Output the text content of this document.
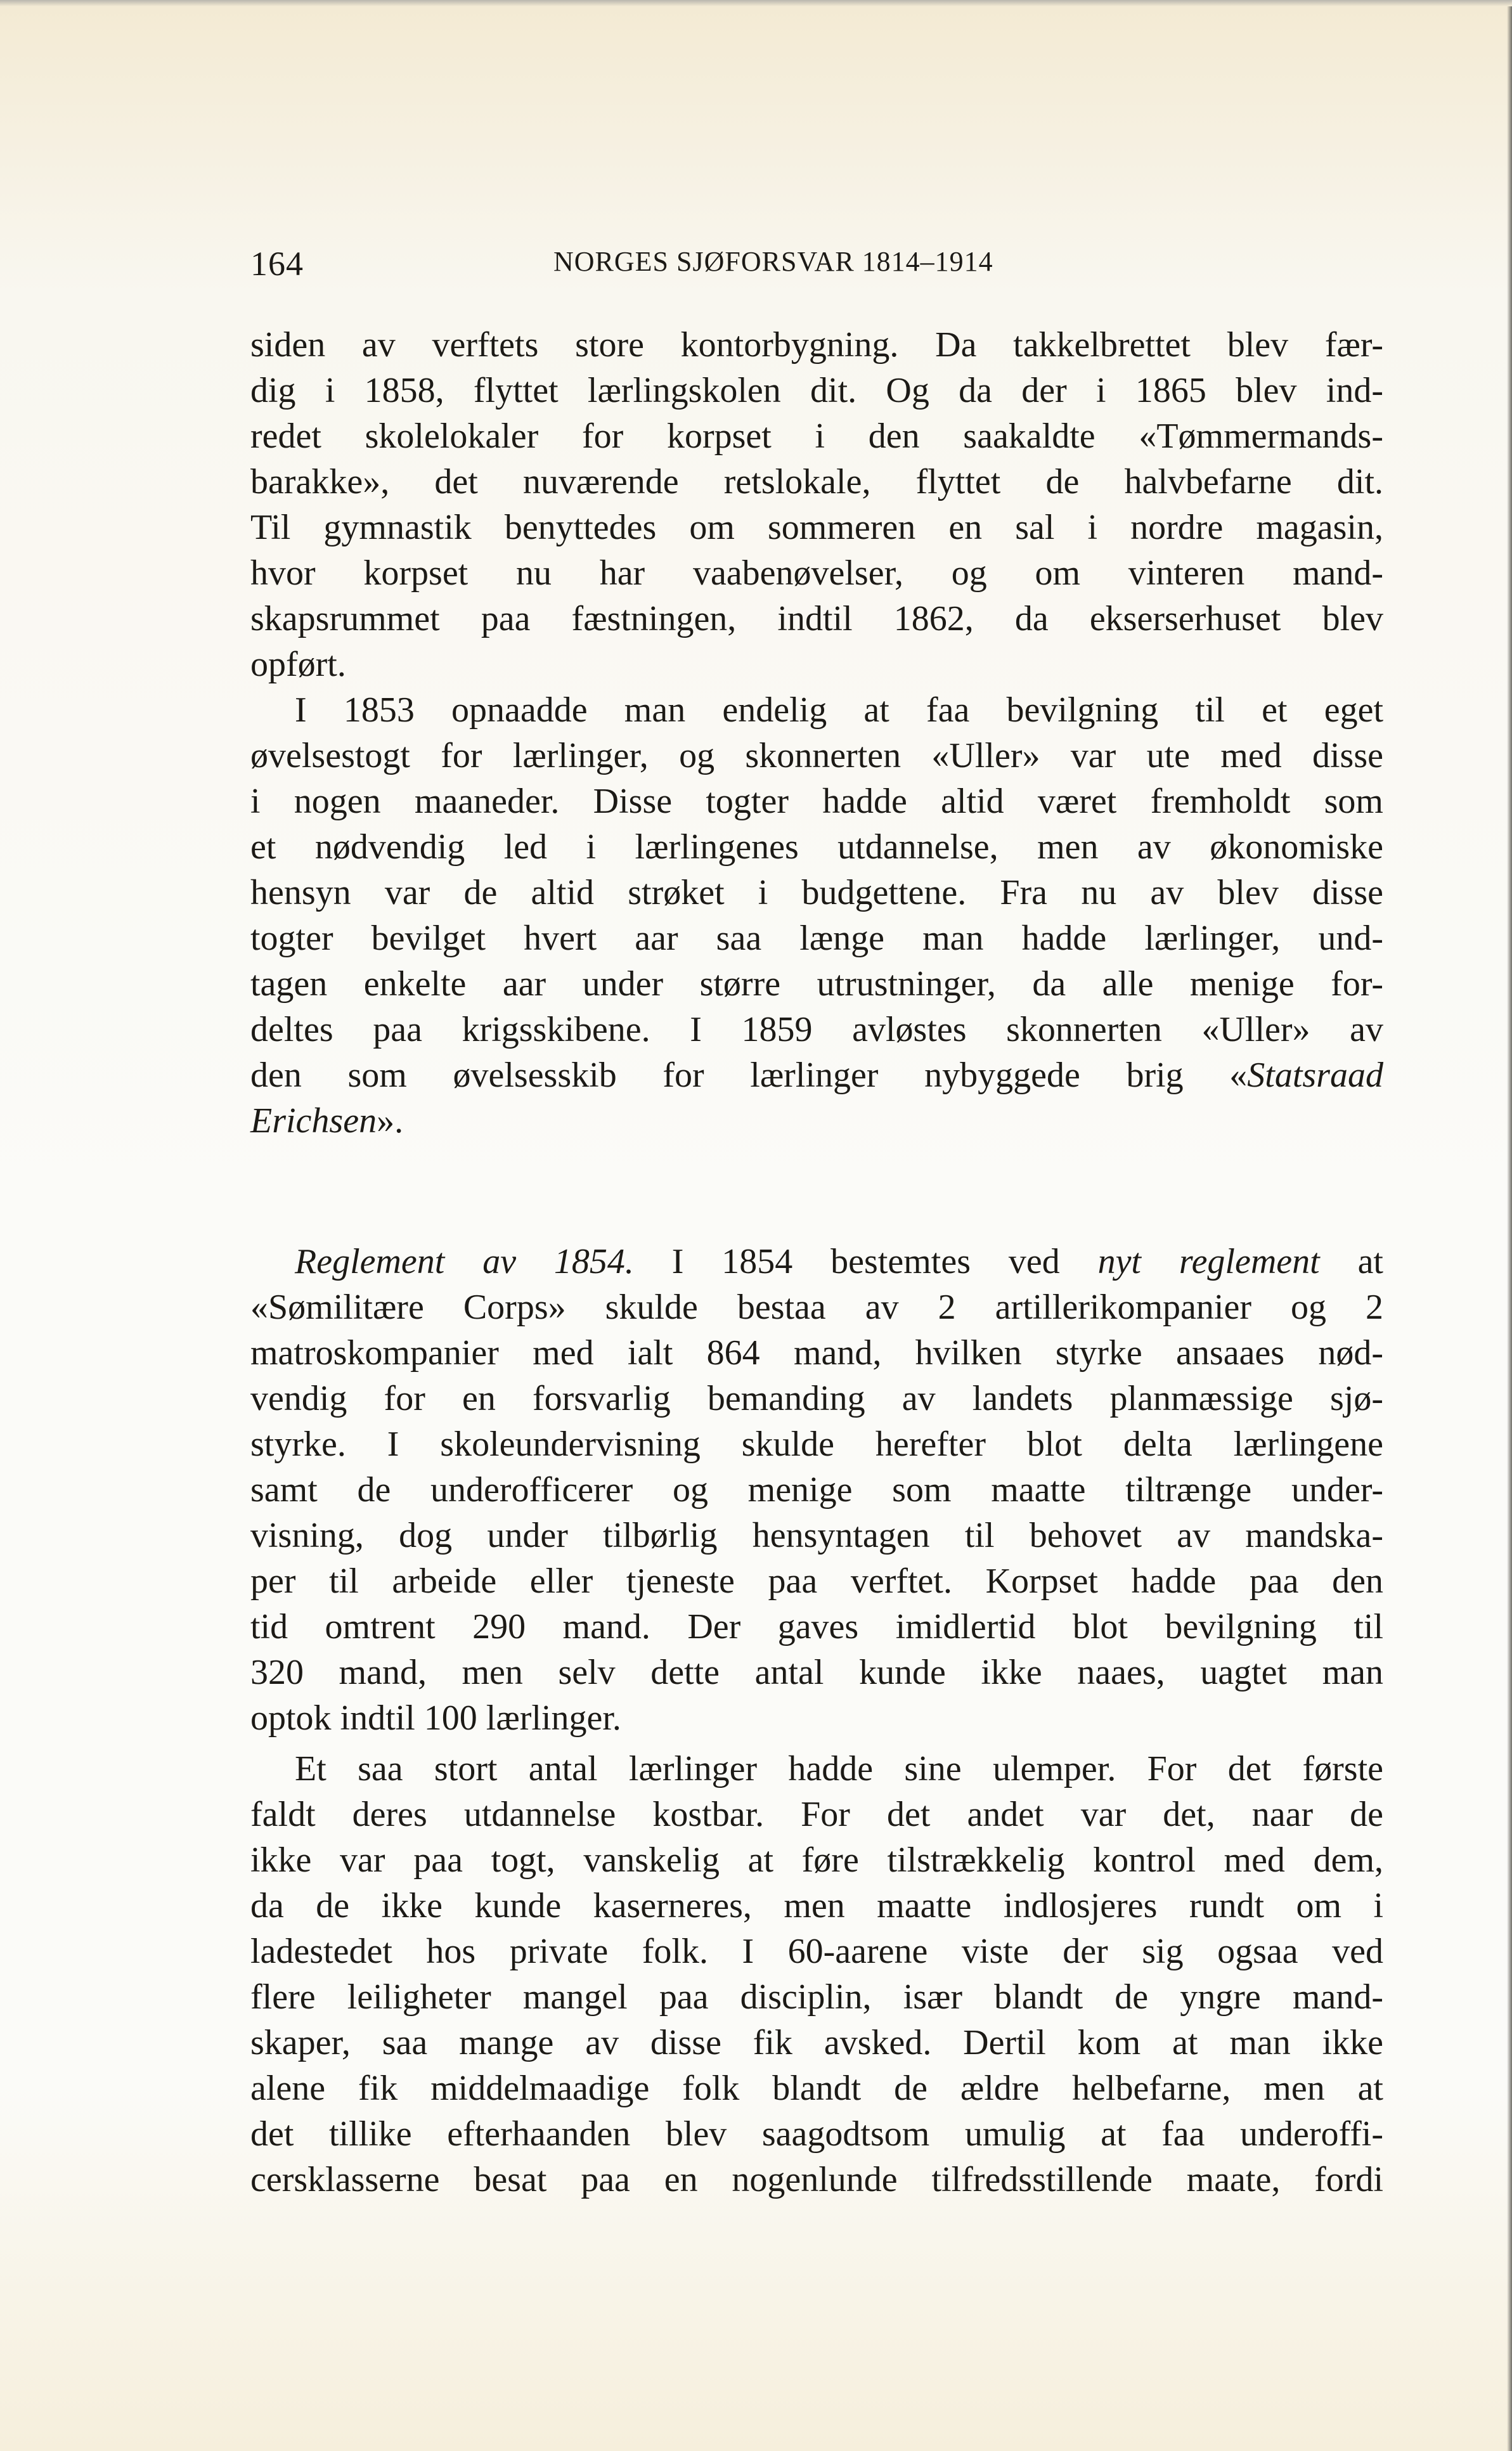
164	NORGES SJØFORSVAR 1814–1914
siden av verftets store kontorbygning. Da takkelbrettet blev fær-
dig i 1858, flyttet lærlingskolen dit. Og da der i 1865 blev ind-
redet skolelokaler for korpset i den saakaldte «Tømmermands-
barakke», det nuværende retslokale, flyttet de halvbefarne dit.
Til gymnastik benyttedes om sommeren en sal i nordre magasin,
hvor korpset nu har vaabenøvelser, og om vinteren mand-
skapsrummet paa fæstningen, indtil 1862, da ekserserhuset blev
opført.
I 1853 opnaadde man endelig at faa bevilgning til et eget
øvelsestogt for lærlinger, og skonnerten «Uller» var ute med disse
i nogen maaneder. Disse togter hadde altid været fremholdt som
et nødvendig led i lærlingenes utdannelse, men av økonomiske
hensyn var de altid strøket i budgettene. Fra nu av blev disse
togter bevilget hvert aar saa længe man hadde lærlinger, und-
tagen enkelte aar under større utrustninger, da alle menige for-
deltes paa krigsskibene. I 1859 avløstes skonnerten «Uller» av
den som øvelsesskib for lærlinger nybyggede brig «Statsraad
Erichsen».
Reglement av 1854. I 1854 bestemtes ved nyt reglement at
«Sømilitære Corps» skulde bestaa av 2 artillerikompanier og 2
matroskompanier med ialt 864 mand, hvilken styrke ansaaes nød-
vendig for en forsvarlig bemanding av landets planmæssige sjø-
styrke. I skoleundervisning skulde herefter blot delta lærlingene
samt de underofficerer og menige som maatte tiltrænge under-
visning, dog under tilbørlig hensyntagen til behovet av mandska-
per til arbeide eller tjeneste paa verftet. Korpset hadde paa den
tid omtrent 290 mand. Der gaves imidlertid blot bevilgning til
320 mand, men selv dette antal kunde ikke naaes, uagtet man
optok indtil 100 lærlinger.
Et saa stort antal lærlinger hadde sine ulemper. For det første
faldt deres utdannelse kostbar. For det andet var det, naar de
ikke var paa togt, vanskelig at føre tilstrækkelig kontrol med dem,
da de ikke kunde kaserneres, men maatte indlosjeres rundt om i
ladestedet hos private folk. I 60-aarene viste der sig ogsaa ved
flere leiligheter mangel paa disciplin, især blandt de yngre mand-
skaper, saa mange av disse fik avsked. Dertil kom at man ikke
alene fik middelmaadige folk blandt de ældre helbefarne, men at
det tillike efterhaanden blev saagodtsom umulig at faa underoffi-
cersklasserne besat paa en nogenlunde tilfredsstillende maate, fordi
